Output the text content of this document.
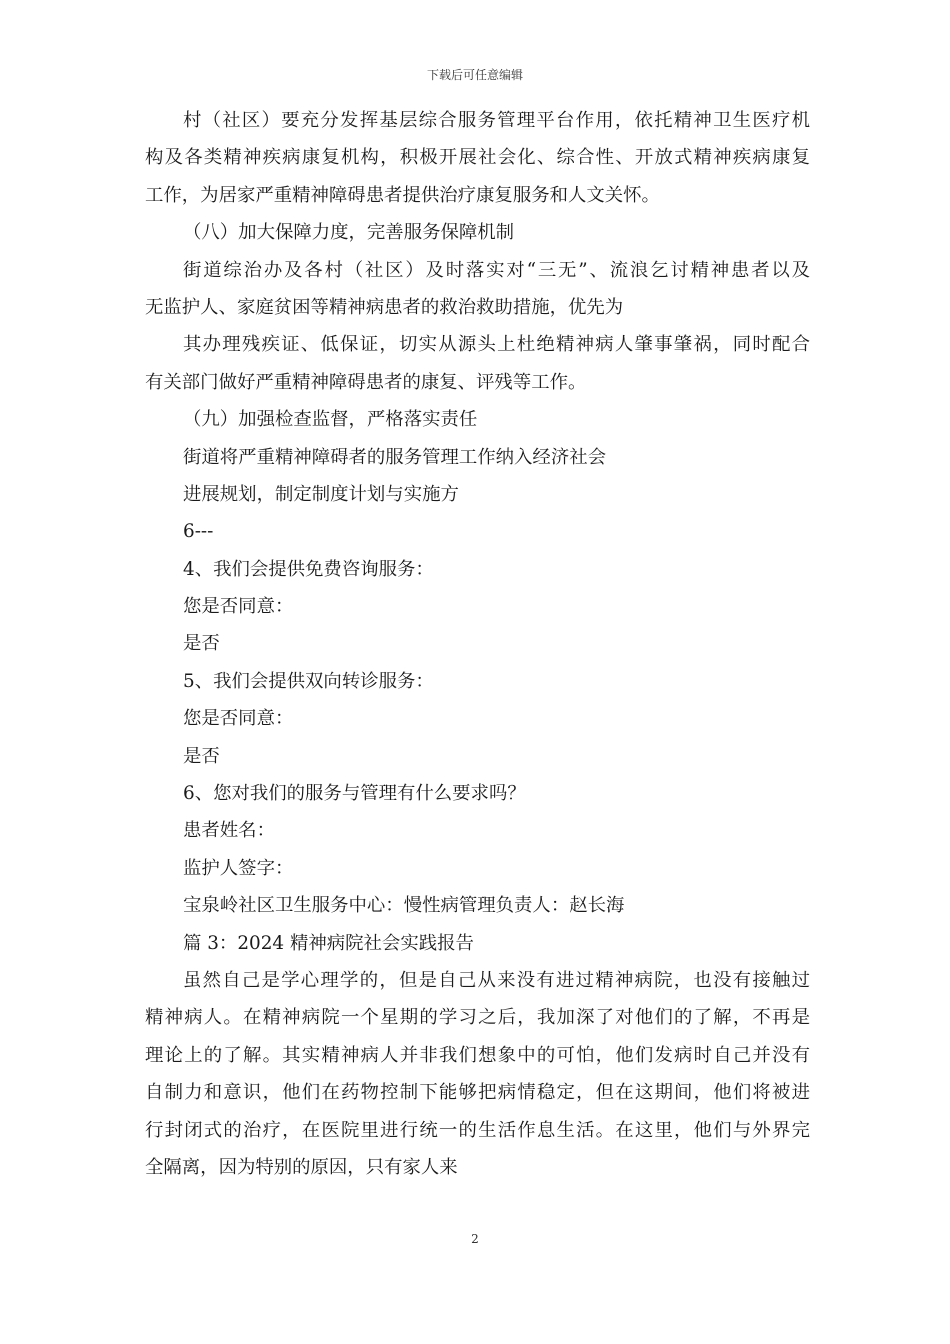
下载后可任意编辑
村（社区）要充分发挥基层综合服务管理平台作用，依托精神卫生医疗机
构及各类精神疾病康复机构，积极开展社会化、综合性、开放式精神疾病康复
工作，为居家严重精神障碍患者提供治疗康复服务和人文关怀。
（八）加大保障力度，完善服务保障机制
街道综治办及各村（社区）及时落实对“三无”、流浪乞讨精神患者以及
无监护人、家庭贫困等精神病患者的救治救助措施，优先为
其办理残疾证、低保证，切实从源头上杜绝精神病人肇事肇祸，同时配合
有关部门做好严重精神障碍患者的康复、评残等工作。
（九）加强检查监督，严格落实责任
街道将严重精神障碍者的服务管理工作纳入经济社会
进展规划，制定制度计划与实施方
6---
4、我们会提供免费咨询服务：
您是否同意：
是否
5、我们会提供双向转诊服务：
您是否同意：
是否
6、您对我们的服务与管理有什么要求吗？
患者姓名：
监护人签字：
宝泉岭社区卫生服务中心：慢性病管理负责人：赵长海
篇 3：2024 精神病院社会实践报告
虽然自己是学心理学的，但是自己从来没有进过精神病院，也没有接触过
精神病人。在精神病院一个星期的学习之后，我加深了对他们的了解，不再是
理论上的了解。其实精神病人并非我们想象中的可怕，他们发病时自己并没有
自制力和意识，他们在药物控制下能够把病情稳定，但在这期间，他们将被进
行封闭式的治疗，在医院里进行统一的生活作息生活。在这里，他们与外界完
全隔离，因为特别的原因，只有家人来
2
